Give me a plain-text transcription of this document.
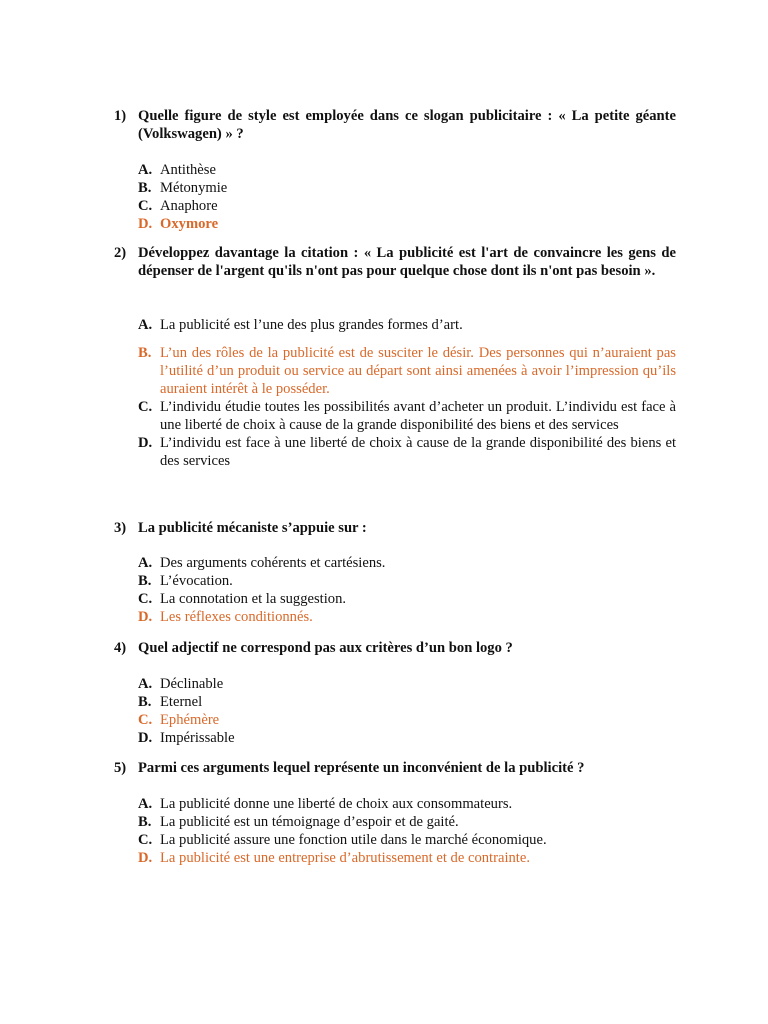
1) Quelle figure de style est employée dans ce slogan publicitaire : « La petite géante (Volkswagen) » ?
A. Antithèse
B. Métonymie
C. Anaphore
D. Oxymore
2) Développez davantage la citation : « La publicité est l'art de convaincre les gens de dépenser de l'argent qu'ils n'ont pas pour quelque chose dont ils n'ont pas besoin ».
A. La publicité est l’une des plus grandes formes d’art.
B. L’un des rôles de la publicité est de susciter le désir. Des personnes qui n’auraient pas l’utilité d’un produit ou service au départ sont ainsi amenées à avoir l’impression qu’ils auraient intérêt à le posséder.
C. L’individu étudie toutes les possibilités avant d’acheter un produit. L’individu est face à une liberté de choix à cause de la grande disponibilité des biens et des services
D. L’individu est face à une liberté de choix à cause de la grande disponibilité des biens et des services
3) La publicité mécaniste s’appuie sur :
A. Des arguments cohérents et cartésiens.
B. L’évocation.
C. La connotation et la suggestion.
D. Les réflexes conditionnés.
4) Quel adjectif ne correspond pas aux critères d’un bon logo ?
A. Déclinable
B. Eternel
C. Ephémère
D. Impérissable
5) Parmi ces arguments lequel représente un inconvénient de la publicité ?
A. La publicité donne une liberté de choix aux consommateurs.
B. La publicité est un témoignage d’espoir et de gaité.
C. La publicité assure une fonction utile dans le marché économique.
D. La publicité est une entreprise d’abrutissement et de contrainte.
